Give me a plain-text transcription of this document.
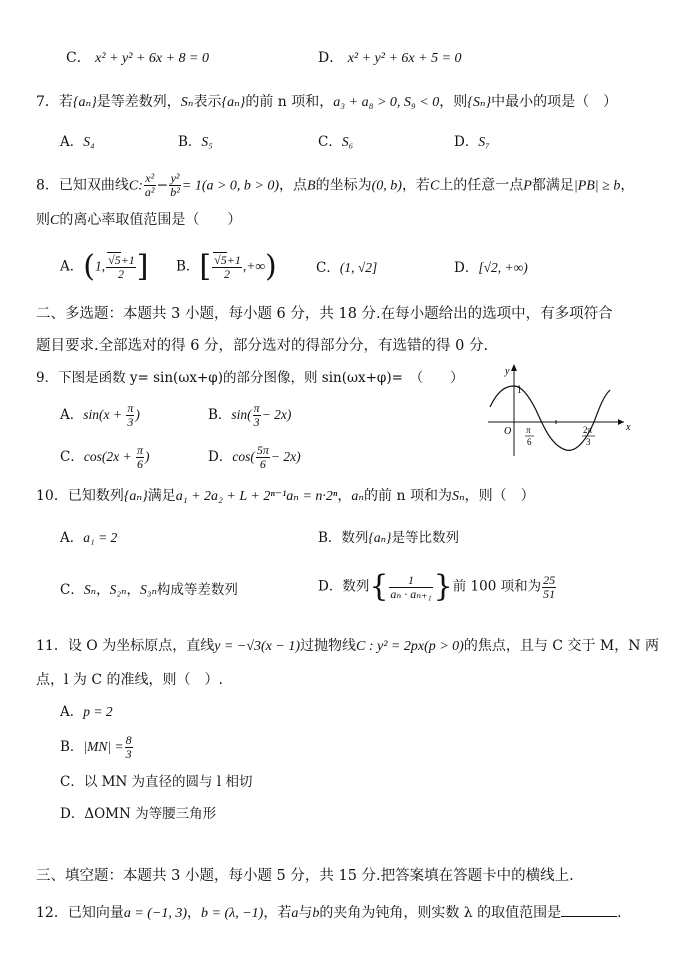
C． x² + y² + 6x + 8 = 0	D． x² + y² + 6x + 5 = 0
7．若{aₙ}是等差数列，Sₙ表示{aₙ}的前 n 项和，a₃ + a₈ > 0, S₉ < 0，则{Sₙ}中最小的项是（　）
A．S₄	B．S₅	C．S₆	D．S₇
8．已知双曲线C: $\frac{\text{x²}}{\text{a²}} - \frac{\text{y²}}{\text{b²}} = 1(a > 0$, b > 0)，点B的坐标为(0, b)，若C上的任意一点P都满足|PB| ≥ b，
则C的离心率取值范围是（　　）
A．(1, $\frac{√5+1}{2}$ ] B．[ $\frac{√5+1}{2}$ ,+∞)	C．(1, √2]	D．[√2, +∞)
二、多选题：本题共 3 小题，每小题 6 分，共 18 分.在每小题给出的选项中，有多项符合
题目要求.全部选对的得 6 分，部分选对的得部分分，有选错的得 0 分.
9．下图是函数 y= sin(ωx+φ)的部分图像，则 sin(ωx+φ)=　（　　）
A．$\sin(x + \frac{\pi}{3}$ )	B．$\sin( \frac{\pi}{3} - 2x)$
C．$\cos(2x + \frac{\pi}{6}$ )	D．$\cos( \frac{5\pi}{6} - 2x)$
y
x
O
1
π
6
2π
3
10．已知数列{aₙ}满足a₁ + 2a₂ + L + 2ⁿ⁻¹aₙ = n·2ⁿ，aₙ的前 n 项和为Sₙ，则（　）
A．a₁ = 2	B．数列{aₙ}是等比数列
C．Sₙ，S₂ₙ，S₃ₙ构成等差数列	D．数列{ $\frac{1}{\text{aₙ · aₙ₊₁}}$ }前 100 项和为 $\frac{25}{51}$
11．设 O 为坐标原点，直线y = −√3(x − 1)过抛物线C : y² = 2px(p > 0)的焦点，且与 C 交于 M，N 两
点，l 为 C 的准线，则（　）.
A．p = 2
B．$|MN| = \frac{8}{3}$
C．以 MN 为直径的圆与 l 相切
D．ΔOMN 为等腰三角形
三、填空题：本题共 3 小题，每小题 5 分，共 15 分.把答案填在答题卡中的横线上.
12．已知向量a = (−1, 3)，b = (λ, −1)，若a与b的夹角为钝角，则实数 λ 的取值范围是	.
